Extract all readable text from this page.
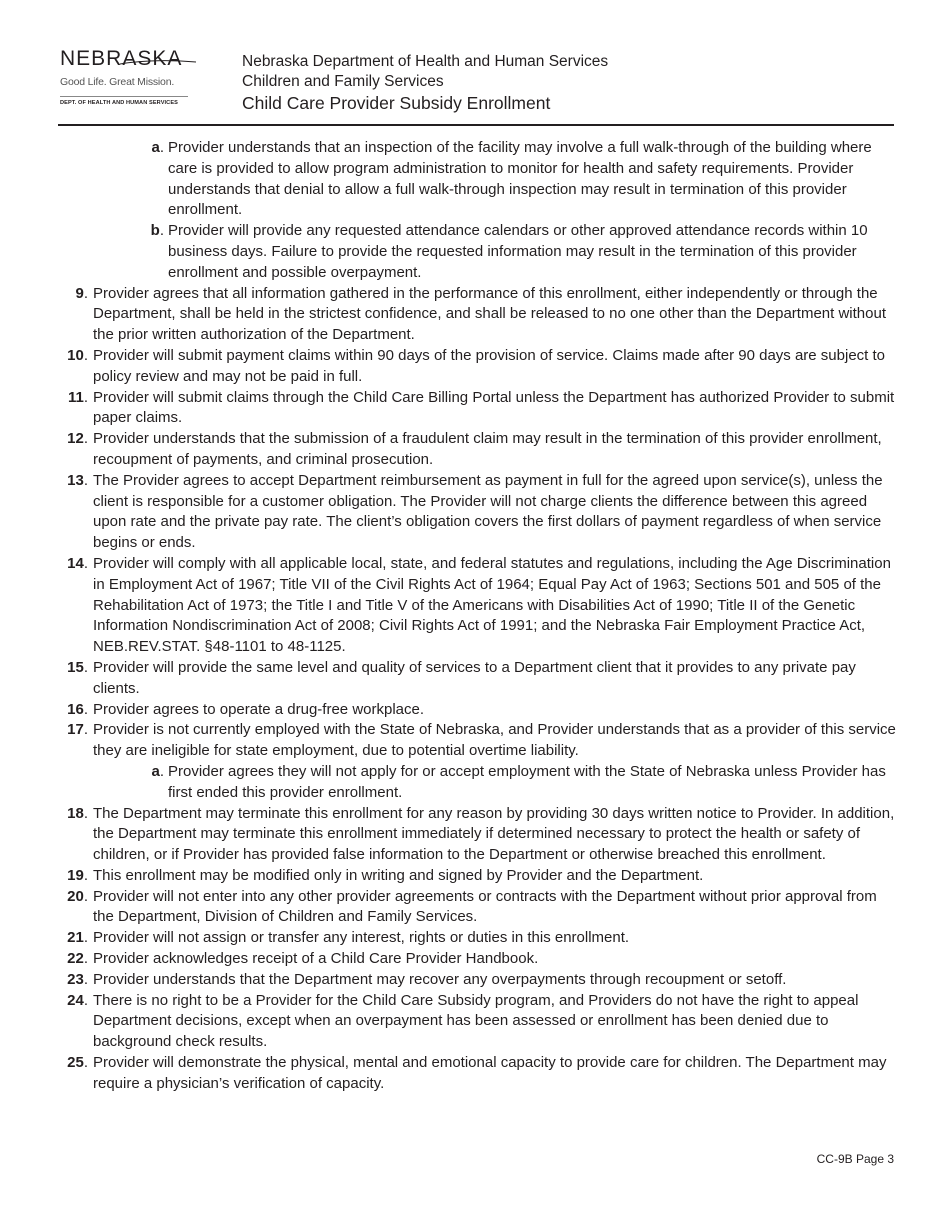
NEBRASKA
Good Life. Great Mission.
DEPT. OF HEALTH AND HUMAN SERVICES
Nebraska Department of Health and Human Services
Children and Family Services
Child Care Provider Subsidy Enrollment
a. Provider understands that an inspection of the facility may involve a full walk-through of the building where care is provided to allow program administration to monitor for health and safety requirements. Provider understands that denial to allow a full walk-through inspection may result in termination of this provider enrollment.
b. Provider will provide any requested attendance calendars or other approved attendance records within 10 business days. Failure to provide the requested information may result in the termination of this provider enrollment and possible overpayment.
9. Provider agrees that all information gathered in the performance of this enrollment, either independently or through the Department, shall be held in the strictest confidence, and shall be released to no one other than the Department without the prior written authorization of the Department.
10. Provider will submit payment claims within 90 days of the provision of service. Claims made after 90 days are subject to policy review and may not be paid in full.
11. Provider will submit claims through the Child Care Billing Portal unless the Department has authorized Provider to submit paper claims.
12. Provider understands that the submission of a fraudulent claim may result in the termination of this provider enrollment, recoupment of payments, and criminal prosecution.
13. The Provider agrees to accept Department reimbursement as payment in full for the agreed upon service(s), unless the client is responsible for a customer obligation. The Provider will not charge clients the difference between this agreed upon rate and the private pay rate. The client’s obligation covers the first dollars of payment regardless of when service begins or ends.
14. Provider will comply with all applicable local, state, and federal statutes and regulations, including the Age Discrimination in Employment Act of 1967; Title VII of the Civil Rights Act of 1964; Equal Pay Act of 1963; Sections 501 and 505 of the Rehabilitation Act of 1973; the Title I and Title V of the Americans with Disabilities Act of 1990; Title II of the Genetic Information Nondiscrimination Act of 2008; Civil Rights Act of 1991; and the Nebraska Fair Employment Practice Act, NEB.REV.STAT. §48-1101 to 48-1125.
15. Provider will provide the same level and quality of services to a Department client that it provides to any private pay clients.
16. Provider agrees to operate a drug-free workplace.
17. Provider is not currently employed with the State of Nebraska, and Provider understands that as a provider of this service they are ineligible for state employment, due to potential overtime liability.
a. Provider agrees they will not apply for or accept employment with the State of Nebraska unless Provider has first ended this provider enrollment.
18. The Department may terminate this enrollment for any reason by providing 30 days written notice to Provider. In addition, the Department may terminate this enrollment immediately if determined necessary to protect the health or safety of children, or if Provider has provided false information to the Department or otherwise breached this enrollment.
19. This enrollment may be modified only in writing and signed by Provider and the Department.
20. Provider will not enter into any other provider agreements or contracts with the Department without prior approval from the Department, Division of Children and Family Services.
21. Provider will not assign or transfer any interest, rights or duties in this enrollment.
22. Provider acknowledges receipt of a Child Care Provider Handbook.
23. Provider understands that the Department may recover any overpayments through recoupment or setoff.
24. There is no right to be a Provider for the Child Care Subsidy program, and Providers do not have the right to appeal Department decisions, except when an overpayment has been assessed or enrollment has been denied due to background check results.
25. Provider will demonstrate the physical, mental and emotional capacity to provide care for children. The Department may require a physician’s verification of capacity.
CC-9B Page 3
